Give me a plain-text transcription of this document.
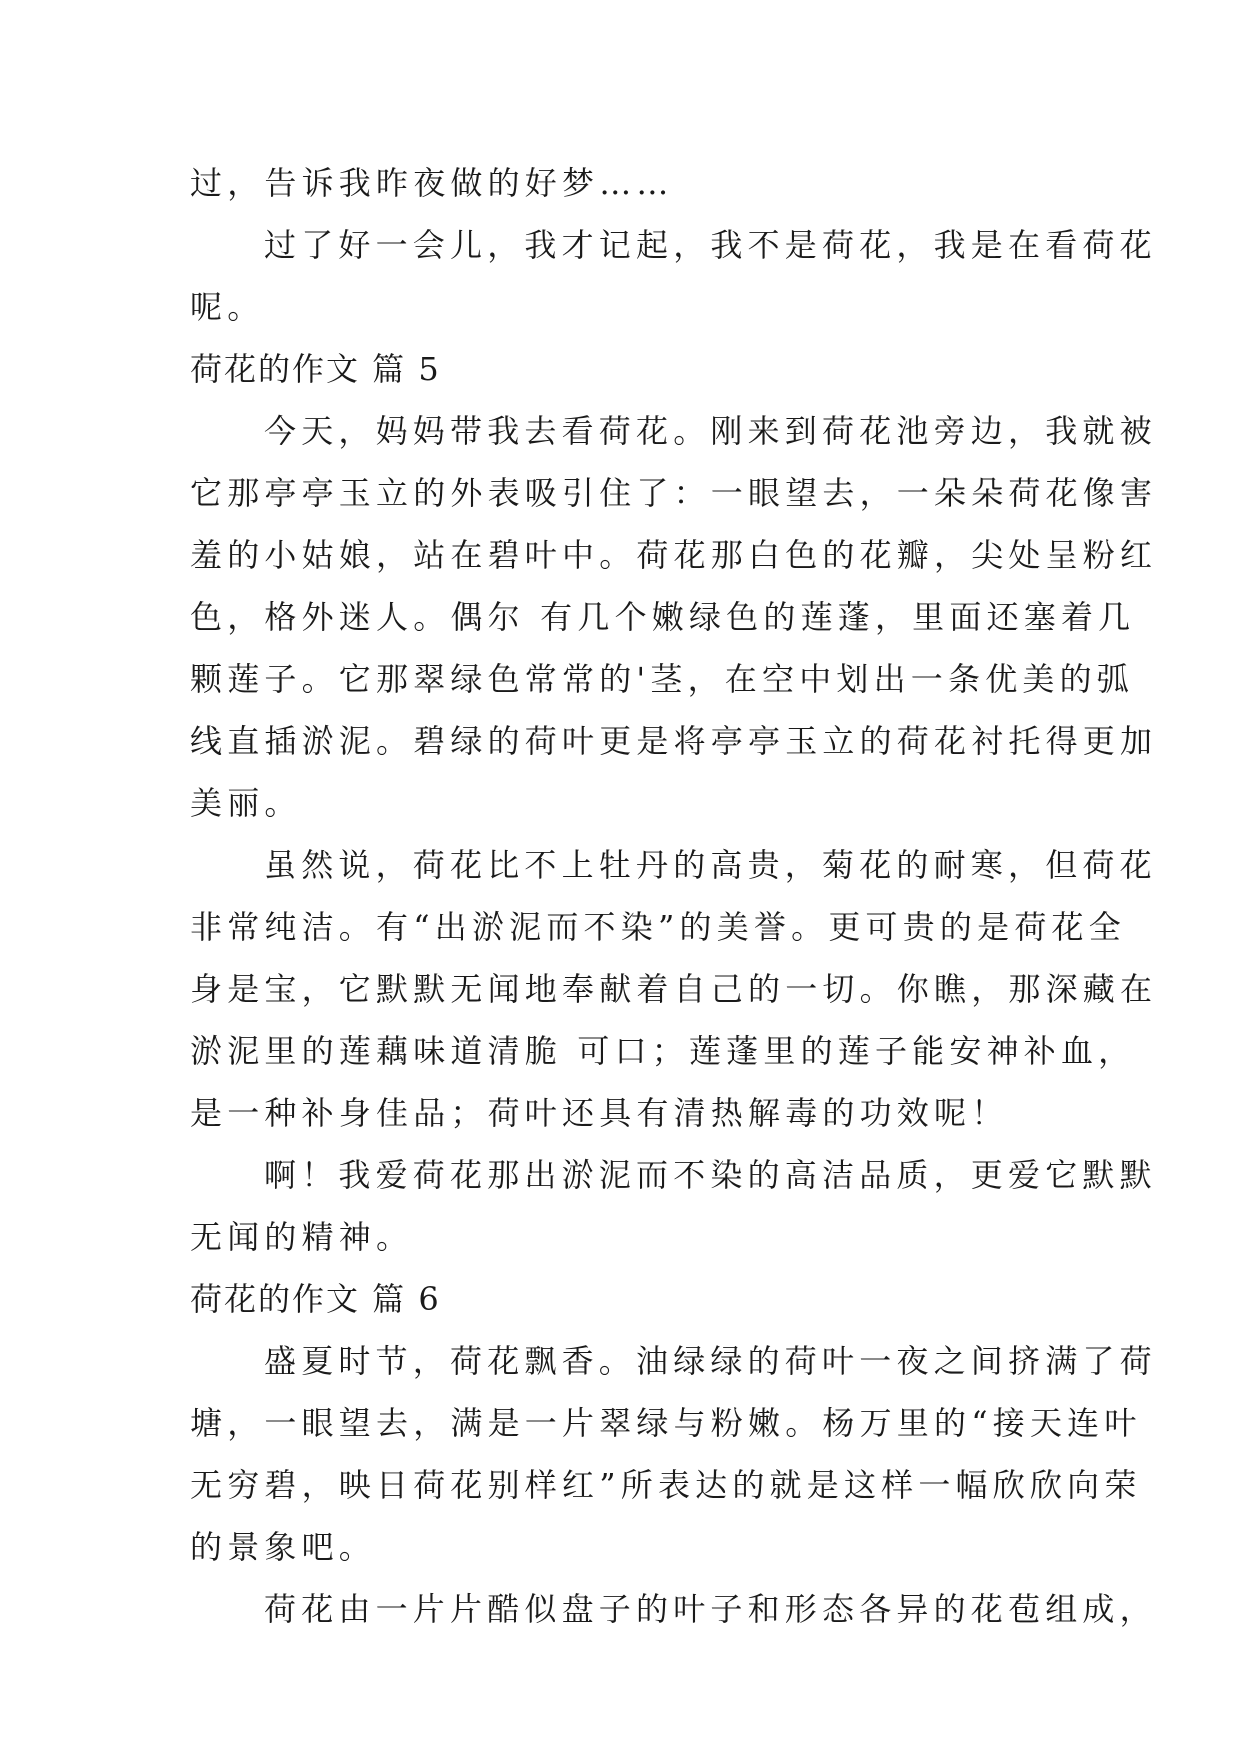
过，告诉我昨夜做的好梦……
过了好一会儿，我才记起，我不是荷花，我是在看荷花
呢。
荷花的作文 篇 5
今天，妈妈带我去看荷花。刚来到荷花池旁边，我就被
它那亭亭玉立的外表吸引住了：一眼望去，一朵朵荷花像害
羞的小姑娘，站在碧叶中。荷花那白色的花瓣，尖处呈粉红
色，格外迷人。偶尔 有几个嫩绿色的莲蓬，里面还塞着几
颗莲子。它那翠绿色常常的'茎，在空中划出一条优美的弧
线直插淤泥。碧绿的荷叶更是将亭亭玉立的荷花衬托得更加
美丽。
虽然说，荷花比不上牡丹的高贵，菊花的耐寒，但荷花
非常纯洁。有“出淤泥而不染”的美誉。更可贵的是荷花全
身是宝，它默默无闻地奉献着自己的一切。你瞧，那深藏在
淤泥里的莲藕味道清脆 可口；莲蓬里的莲子能安神补血，
是一种补身佳品；荷叶还具有清热解毒的功效呢！
啊！我爱荷花那出淤泥而不染的高洁品质，更爱它默默
无闻的精神。
荷花的作文 篇 6
盛夏时节，荷花飘香。油绿绿的荷叶一夜之间挤满了荷
塘，一眼望去，满是一片翠绿与粉嫩。杨万里的“接天连叶
无穷碧，映日荷花别样红”所表达的就是这样一幅欣欣向荣
的景象吧。
荷花由一片片酷似盘子的叶子和形态各异的花苞组成，
